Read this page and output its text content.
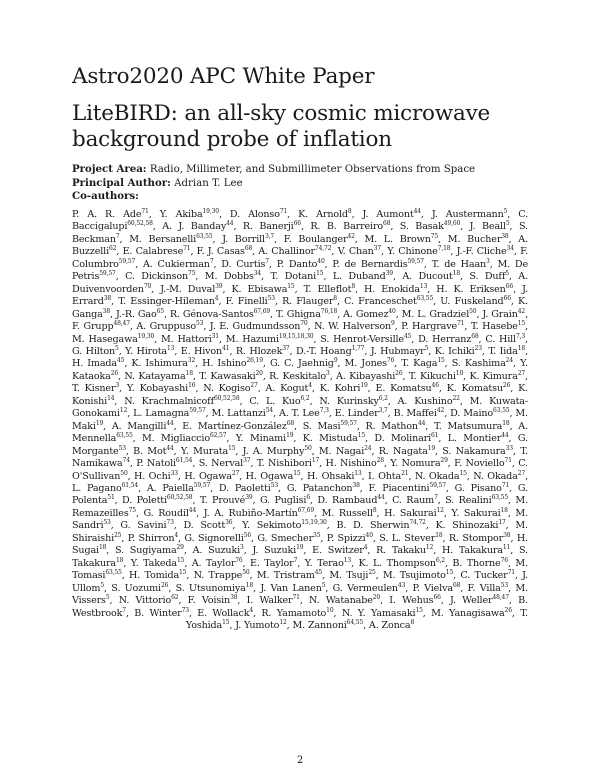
Astro2020 APC White Paper
LiteBIRD: an all-sky cosmic microwave background probe of inflation
Project Area: Radio, Millimeter, and Submillimeter Observations from Space
Principal Author: Adrian T. Lee
Co-authors:
P. A. R. Ade$^{71}$, Y. Akiba$^{19,30}$, D. Alonso$^{71}$, K. Arnold$^8$, J. Aumont$^{44}$, J. Austermann$^5$, C. Baccigalupi$^{60,52,58}$, A. J. Banday$^{44}$, R. Banerji$^{66}$, R. B. Barreiro$^{68}$, S. Basak$^{49,60}$, J. Beall$^5$, S. Beckman$^7$, M. Bersanelli$^{63,55}$, J. Borrill$^{3,7}$, F. Boulanger$^{42}$, M. L. Brown$^{75}$, M. Bucher$^{38}$, A. Buzzelli$^{62}$, E. Calabrese$^{71}$, F. J. Casas$^{68}$, A. Challinor$^{74,72}$, V. Chan$^{37}$, Y. Chinone$^{7,18}$, J.-F. Cliche$^{34}$, F. Columbro$^{59,57}$, A. Cukierman$^7$, D. Curtis$^7$, P. Danto$^{40}$, P. de Bernardis$^{59,57}$, T. de Haan$^3$, M. De Petris$^{59,57}$, C. Dickinson$^{75}$, M. Dobbs$^{34}$, T. Dotani$^{15}$, L. Duband$^{39}$, A. Ducout$^{18}$, S. Duff$^5$, A. Duivenvoorden$^{70}$, J.-M. Duval$^{39}$, K. Ebisawa$^{15}$, T. Elleflot$^8$, H. Enokida$^{13}$, H. K. Eriksen$^{66}$, J. Errard$^{38}$, T. Essinger-Hileman$^4$, F. Finelli$^{53}$, R. Flauger$^8$, C. Franceschet$^{63,55}$, U. Fuskeland$^{66}$, K. Ganga$^{38}$, J.-R. Gao$^{65}$, R. Génova-Santos$^{67,69}$, T. Ghigna$^{76,18}$, A. Gomez$^{40}$, M. L. Gradziel$^{50}$, J. Grain$^{42}$, F. Grupp$^{48,47}$, A. Gruppuso$^{53}$, J. E. Gudmundsson$^{70}$, N. W. Halverson$^9$, P. Hargrave$^{71}$, T. Hasebe$^{15}$, M. Hasegawa$^{19,30}$, M. Hattori$^{31}$, M. Hazumi$^{19,15,18,30}$, S. Henrot-Versille$^{45}$, D. Herranz$^{68}$, C. Hill$^{7,3}$, G. Hilton$^5$, Y. Hirota$^{13}$, E. Hivon$^{41}$, R. Hlozek$^{37}$, D.-T. Hoang$^{1,77}$, J. Hubmayr$^5$, K. Ichiki$^{23}$, T. Iida$^{18}$, H. Imada$^{45}$, K. Ishimura$^{32}$, H. Ishino$^{26,19}$, G. C. Jaehnig$^9$, M. Jones$^{76}$, T. Kaga$^{15}$, S. Kashima$^{24}$, Y. Kataoka$^{26}$, N. Katayama$^{18}$, T. Kawasaki$^{20}$, R. Keskitalo$^3$, A. Kibayashi$^{26}$, T. Kikuchi$^{10}$, K. Kimura$^{27}$, T. Kisner$^3$, Y. Kobayashi$^{16}$, N. Kogiso$^{27}$, A. Kogut$^4$, K. Kohri$^{19}$, E. Komatsu$^{46}$, K. Komatsu$^{26}$, K. Konishi$^{14}$, N. Krachmalnicoff$^{60,52,58}$, C. L. Kuo$^{6,2}$, N. Kurinsky$^{6,2}$, A. Kushino$^{22}$, M. Kuwata-Gonokami$^{12}$, L. Lamagna$^{59,57}$, M. Lattanzi$^{54}$, A. T. Lee$^{7,3}$, E. Linder$^{3,7}$, B. Maffei$^{42}$, D. Maino$^{63,55}$, M. Maki$^{19}$, A. Mangilli$^{44}$, E. Martínez-González$^{68}$, S. Masi$^{59,57}$, R. Mathon$^{44}$, T. Matsumura$^{18}$, A. Mennella$^{63,55}$, M. Migliaccio$^{62,57}$, Y. Minami$^{19}$, K. Mistuda$^{15}$, D. Molinari$^{61}$, L. Montier$^{44}$, G. Morgante$^{53}$, B. Mot$^{44}$, Y. Murata$^{15}$, J. A. Murphy$^{50}$, M. Nagai$^{24}$, R. Nagata$^{19}$, S. Nakamura$^{33}$, T. Namikawa$^{74}$, P. Natoli$^{61,54}$, S. Nerval$^{37}$, T. Nishibori$^{17}$, H. Nishino$^{28}$, Y. Nomura$^{29}$, F. Noviello$^{71}$, C. O'Sullivan$^{50}$, H. Ochi$^{33}$, H. Ogawa$^{27}$, H. Ogawa$^{15}$, H. Ohsaki$^{13}$, I. Ohta$^{21}$, N. Okada$^{15}$, N. Okada$^{27}$, L. Pagano$^{61,54}$, A. Paiella$^{59,57}$, D. Paoletti$^{53}$, G. Patanchon$^{38}$, F. Piacentini$^{59,57}$, G. Pisano$^{71}$, G. Polenta$^{51}$, D. Poletti$^{60,52,58}$, T. Prouvé$^{39}$, G. Puglisi$^6$, D. Rambaud$^{44}$, C. Raum$^7$, S. Realini$^{63,55}$, M. Remazeilles$^{75}$, G. Roudil$^{44}$, J. A. Rubiño-Martín$^{67,69}$, M. Russell$^8$, H. Sakurai$^{12}$, Y. Sakurai$^{18}$, M. Sandri$^{53}$, G. Savini$^{73}$, D. Scott$^{36}$, Y. Sekimoto$^{15,19,30}$, B. D. Sherwin$^{74,72}$, K. Shinozaki$^{17}$, M. Shiraishi$^{25}$, P. Shirron$^4$, G. Signorelli$^{56}$, G. Smecher$^{35}$, P. Spizzi$^{40}$, S. L. Stever$^{18}$, R. Stompor$^{38}$, H. Sugai$^{18}$, S. Sugiyama$^{29}$, A. Suzuki$^3$, J. Suzuki$^{19}$, E. Switzer$^4$, R. Takaku$^{12}$, H. Takakura$^{11}$, S. Takakura$^{18}$, Y. Takeda$^{15}$, A. Taylor$^{76}$, E. Taylor$^7$, Y. Terao$^{13}$, K. L. Thompson$^{6,2}$, B. Thorne$^{76}$, M. Tomasi$^{63,55}$, H. Tomida$^{15}$, N. Trappe$^{50}$, M. Tristram$^{45}$, M. Tsuji$^{25}$, M. Tsujimoto$^{15}$, C. Tucker$^{71}$, J. Ullom$^5$, S. Uozumi$^{26}$, S. Utsunomiya$^{18}$, J. Van Lanen$^5$, G. Vermeulen$^{43}$, P. Vielva$^{68}$, F. Villa$^{53}$, M. Vissers$^5$, N. Vittorio$^{62}$, F. Voisin$^{38}$, I. Walker$^{71}$, N. Watanabe$^{20}$, I. Wehus$^{66}$, J. Weller$^{48,47}$, B. Westbrook$^7$, B. Winter$^{73}$, E. Wollack$^4$, R. Yamamoto$^{10}$, N. Y. Yamasaki$^{15}$, M. Yanagisawa$^{26}$, T. Yoshida$^{15}$, J. Yumoto$^{12}$, M. Zannoni$^{64,55}$, A. Zonca$^8$
2
